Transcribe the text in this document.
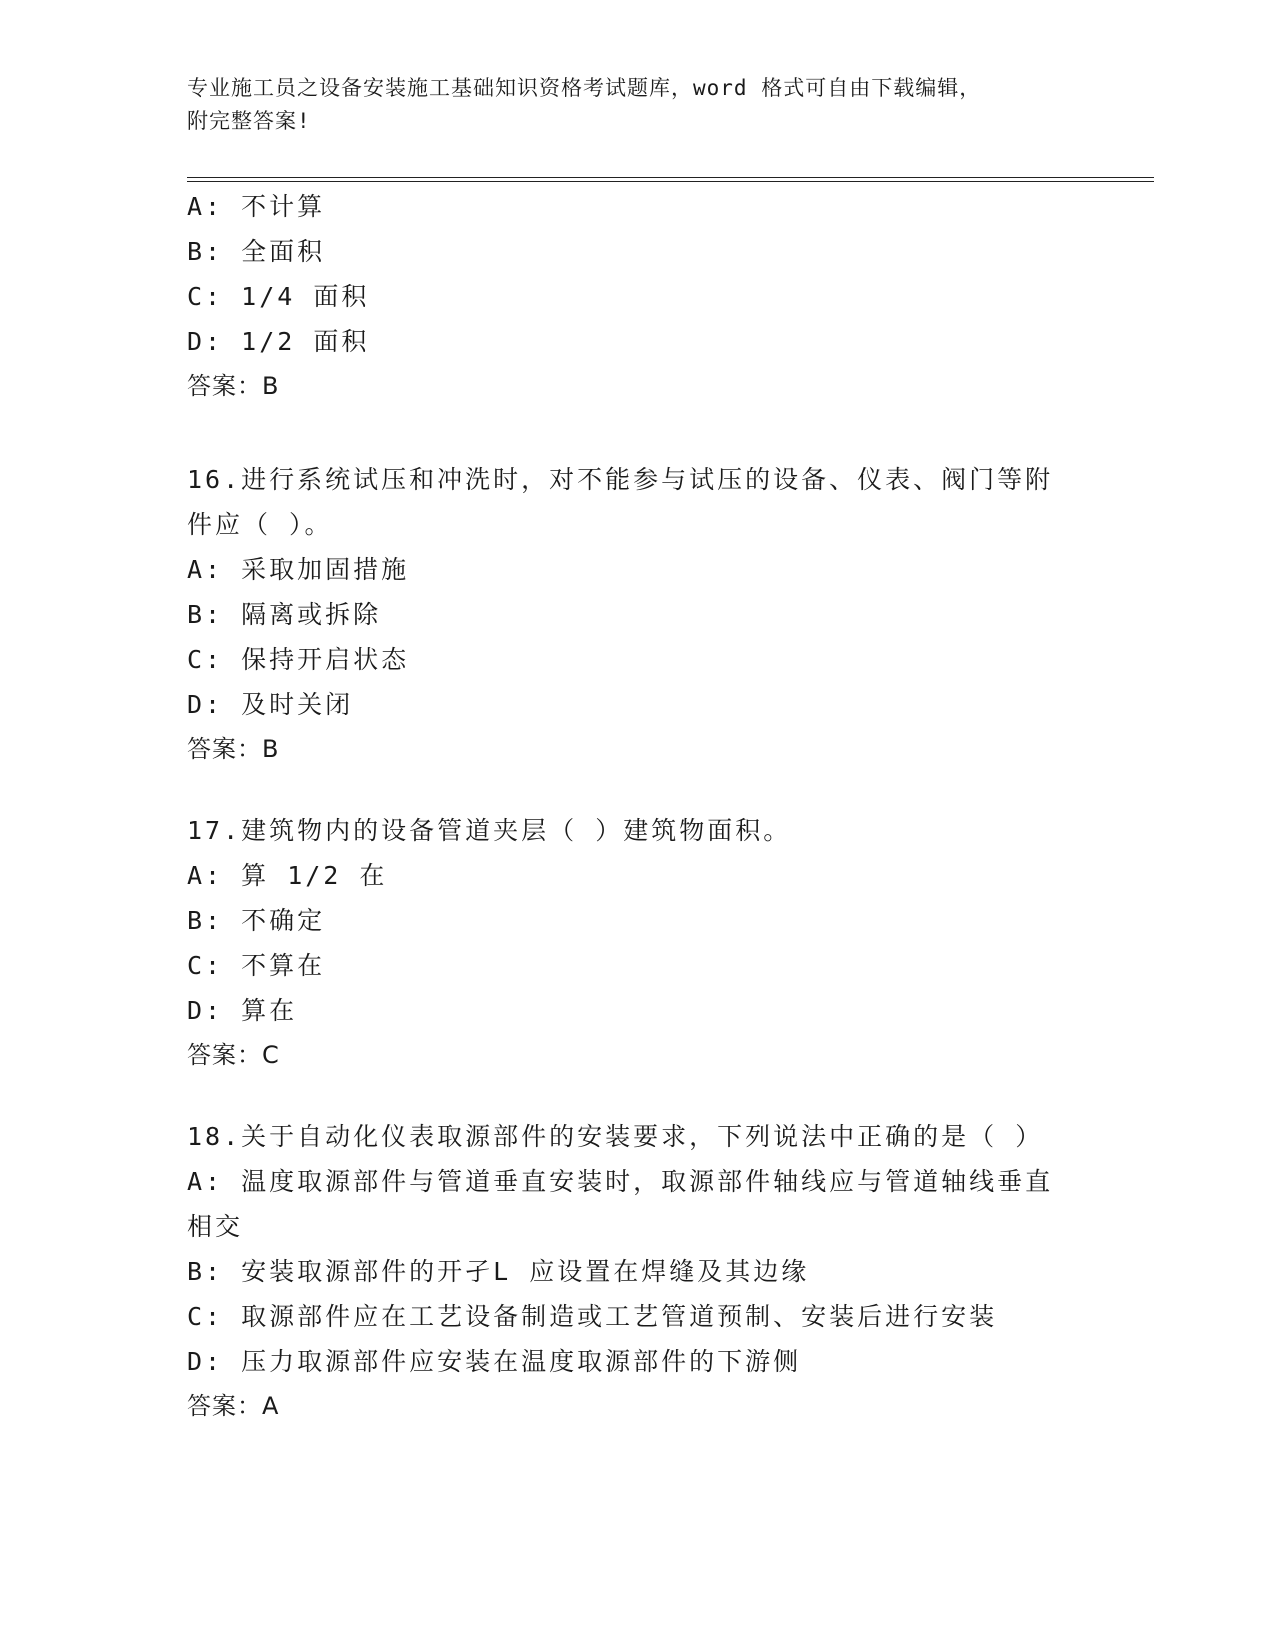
专业施工员之设备安装施工基础知识资格考试题库，word 格式可自由下载编辑，
附完整答案!
A: 不计算
B: 全面积
C: 1/4 面积
D: 1/2 面积
答案：B
16.进行系统试压和冲洗时，对不能参与试压的设备、仪表、阀门等附
件应（ ）。
A: 采取加固措施
B: 隔离或拆除
C: 保持开启状态
D: 及时关闭
答案：B
17.建筑物内的设备管道夹层（ ）建筑物面积。
A: 算 1/2 在
B: 不确定
C: 不算在
D: 算在
答案：C
18.关于自动化仪表取源部件的安装要求，下列说法中正确的是（ ）
A: 温度取源部件与管道垂直安装时，取源部件轴线应与管道轴线垂直
相交
B: 安装取源部件的开孑L 应设置在焊缝及其边缘
C: 取源部件应在工艺设备制造或工艺管道预制、安装后进行安装
D: 压力取源部件应安装在温度取源部件的下游侧
答案：A
